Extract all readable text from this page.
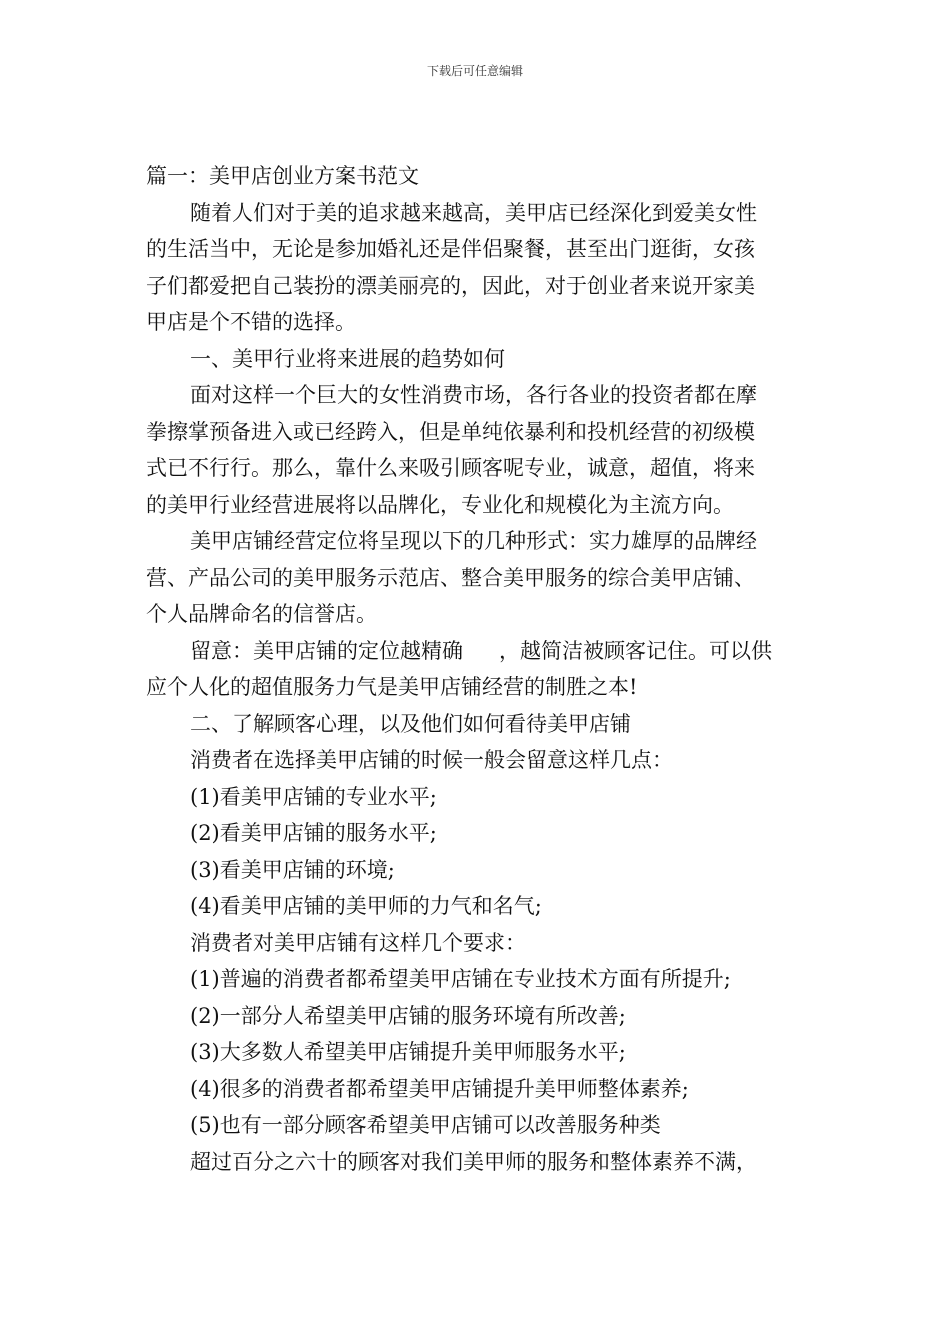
下载后可任意编辑
篇一：美甲店创业方案书范文
随着人们对于美的追求越来越高，美甲店已经深化到爱美女性
的生活当中，无论是参加婚礼还是伴侣聚餐，甚至出门逛街，女孩
子们都爱把自己装扮的漂美丽亮的，因此，对于创业者来说开家美
甲店是个不错的选择。
一、美甲行业将来进展的趋势如何
面对这样一个巨大的女性消费市场，各行各业的投资者都在摩
拳擦掌预备进入或已经跨入，但是单纯依暴利和投机经营的初级模
式已不行行。那么，靠什么来吸引顾客呢专业，诚意，超值，将来
的美甲行业经营进展将以品牌化，专业化和规模化为主流方向。
美甲店铺经营定位将呈现以下的几种形式：实力雄厚的品牌经
营、产品公司的美甲服务示范店、整合美甲服务的综合美甲店铺、
个人品牌命名的信誉店。
留意：美甲店铺的定位越精确 ，越简洁被顾客记住。可以供
应个人化的超值服务力气是美甲店铺经营的制胜之本!
二、了解顾客心理，以及他们如何看待美甲店铺
消费者在选择美甲店铺的时候一般会留意这样几点：
(1)看美甲店铺的专业水平;
(2)看美甲店铺的服务水平;
(3)看美甲店铺的环境;
(4)看美甲店铺的美甲师的力气和名气;
消费者对美甲店铺有这样几个要求：
(1)普遍的消费者都希望美甲店铺在专业技术方面有所提升;
(2)一部分人希望美甲店铺的服务环境有所改善;
(3)大多数人希望美甲店铺提升美甲师服务水平;
(4)很多的消费者都希望美甲店铺提升美甲师整体素养;
(5)也有一部分顾客希望美甲店铺可以改善服务种类
超过百分之六十的顾客对我们美甲师的服务和整体素养不满，
